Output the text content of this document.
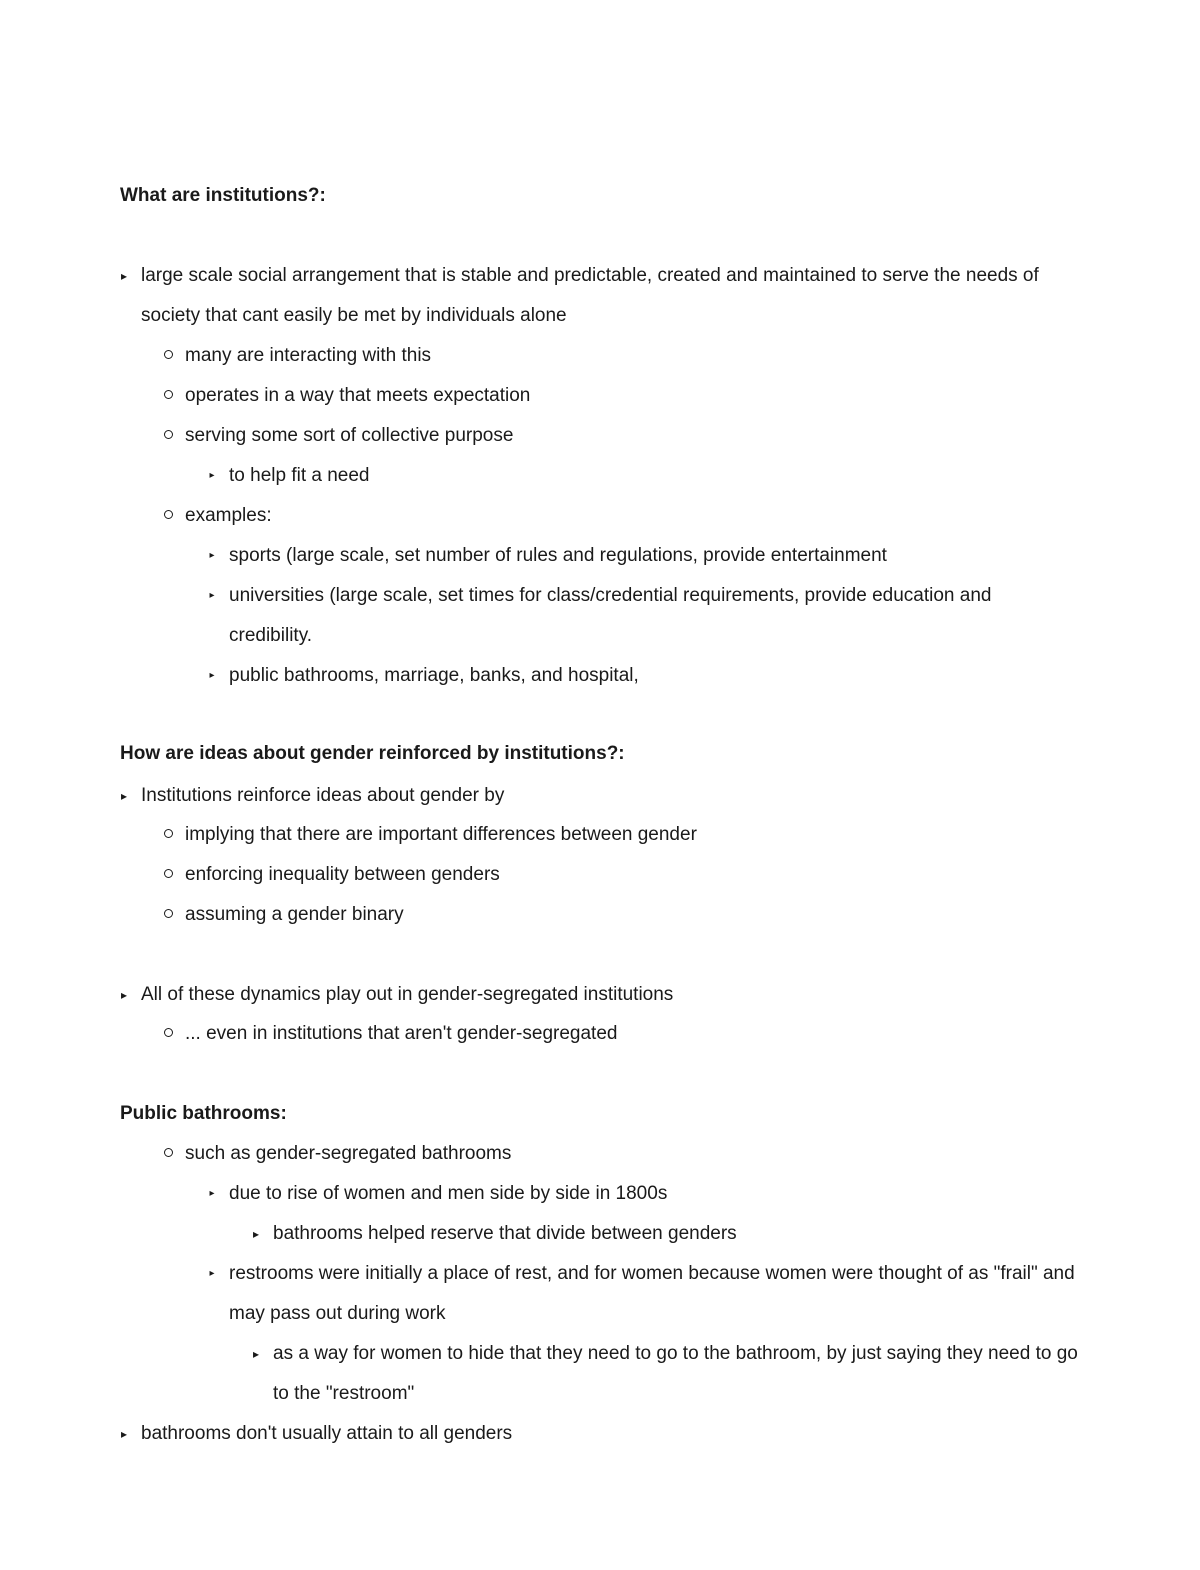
What are institutions?:
▸ large scale social arrangement that is stable and predictable, created and maintained to serve the needs of society that cant easily be met by individuals alone
many are interacting with this
operates in a way that meets expectation
serving some sort of collective purpose
▸ to help fit a need
examples:
▸ sports (large scale, set number of rules and regulations, provide entertainment
▸ universities (large scale, set times for class/credential requirements, provide education and credibility.
▸ public bathrooms, marriage, banks, and hospital,
How are ideas about gender reinforced by institutions?:
▸ Institutions reinforce ideas about gender by
implying that there are important differences between gender
enforcing inequality between genders
assuming a gender binary
▸ All of these dynamics play out in gender-segregated institutions
... even in institutions that aren't gender-segregated
Public bathrooms:
such as gender-segregated bathrooms
▸ due to rise of women and men side by side in 1800s
▸ bathrooms helped reserve that divide between genders
▸ restrooms were initially a place of rest, and for women because women were thought of as "frail" and may pass out during work
▸ as a way for women to hide that they need to go to the bathroom, by just saying they need to go to the "restroom"
▸ bathrooms don't usually attain to all genders
